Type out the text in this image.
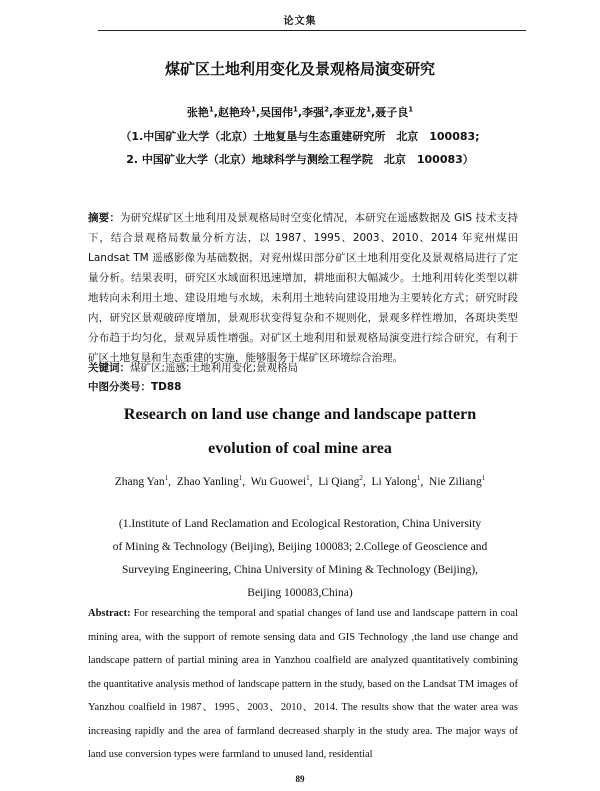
论文集
煤矿区土地利用变化及景观格局演变研究
张艳$^1$,赵艳玲$^1$,吴国伟$^1$,李强$^2$,李亚龙$^1$,聂子良$^1$
（1.中国矿业大学（北京）土地复垦与生态重建研究所　北京　100083;
2. 中国矿业大学（北京）地球科学与测绘工程学院　北京　100083）
摘要：为研究煤矿区土地利用及景观格局时空变化情况，本研究在遥感数据及 GIS 技术支持下，结合景观格局数量分析方法，以 1987、1995、2003、2010、2014 年兖州煤田 Landsat TM 遥感影像为基础数据，对兖州煤田部分矿区土地利用变化及景观格局进行了定量分析。结果表明，研究区水域面积迅速增加，耕地面积大幅减少。土地利用转化类型以耕地转向未利用土地、建设用地与水域，未利用土地转向建设用地为主要转化方式；研究时段内，研究区景观破碎度增加，景观形状变得复杂和不规则化，景观多样性增加，各斑块类型分布趋于均匀化，景观异质性增强。对矿区土地利用和景观格局演变进行综合研究，有利于矿区土地复垦和生态重建的实施，能够服务于煤矿区环境综合治理。
关键词：煤矿区;遥感;土地利用变化;景观格局
中图分类号：TD88
Research on land use change and landscape pattern
evolution of coal mine area
Zhang Yan$^1$,  Zhao Yanling$^1$,  Wu Guowei$^1$,  Li Qiang$^2$,  Li Yalong$^1$,  Nie Ziliang$^1$
(1.Institute of Land Reclamation and Ecological Restoration, China University
of Mining & Technology (Beijing), Beijing 100083; 2.College of Geoscience and
Surveying Engineering, China University of Mining & Technology (Beijing),
Beijing 100083,China)
Abstract: For researching the temporal and spatial changes of land use and landscape pattern in coal mining area, with the support of remote sensing data and GIS Technology ,the land use change and landscape pattern of partial mining area in Yanzhou coalfield are analyzed quantitatively combining the quantitative analysis method of landscape pattern in the study, based on the Landsat TM images of Yanzhou coalfield in 1987、1995、2003、2010、2014. The results show that the water area was increasing rapidly and the area of farmland decreased sharply in the study area. The major ways of land use conversion types were farmland to unused land, residential
89
